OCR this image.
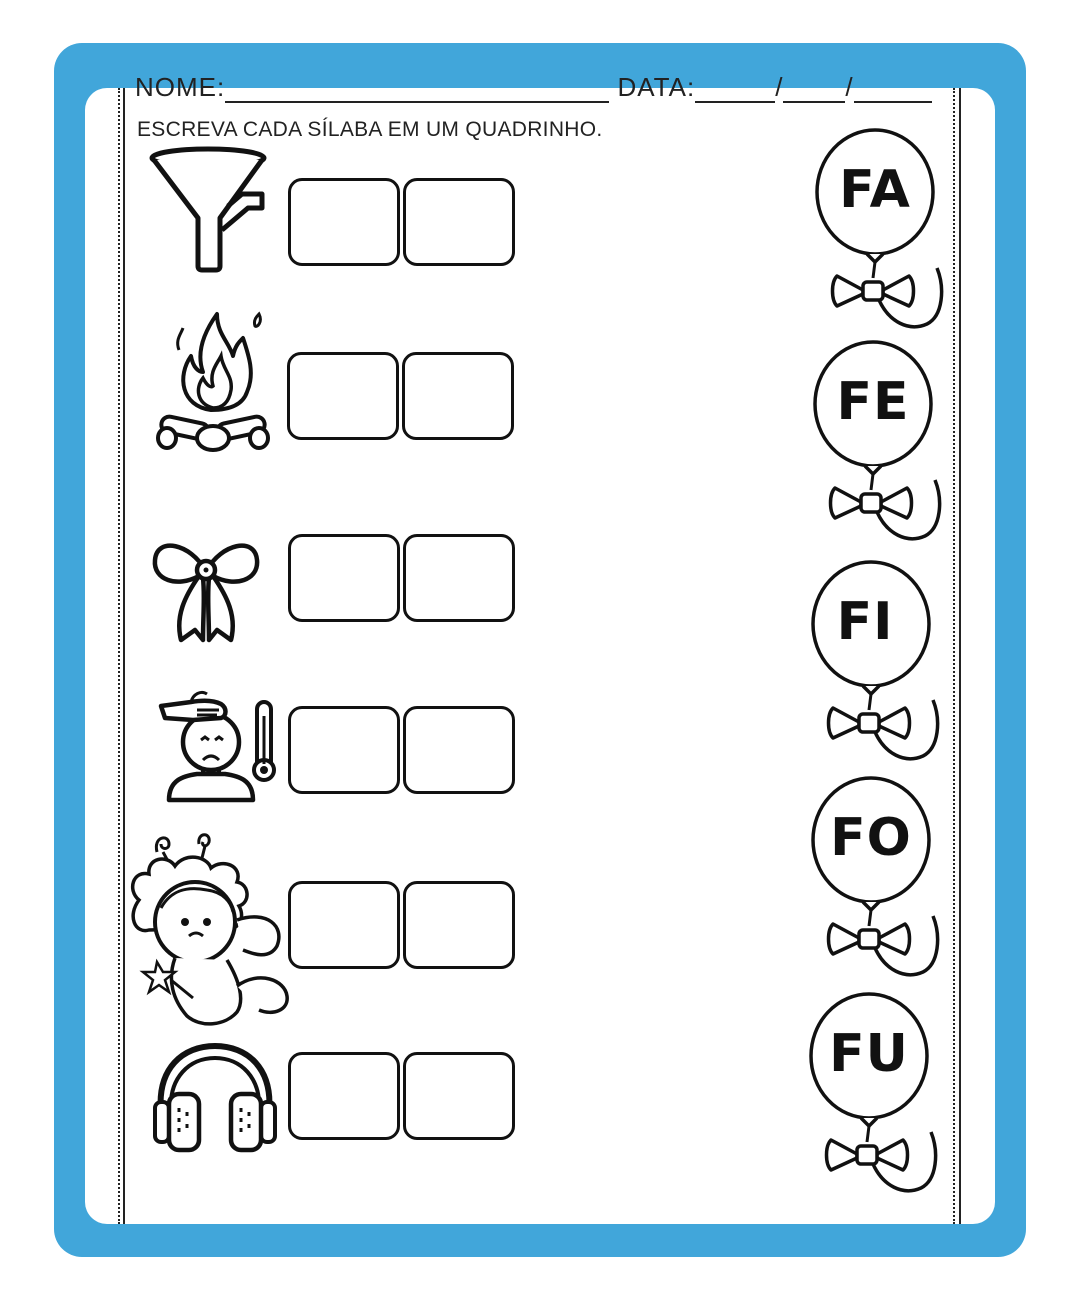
NOME:	DATA:	/ /
ESCREVA CADA SÍLABA EM UM QUADRINHO.
FA
FE
FI
FO
FU
